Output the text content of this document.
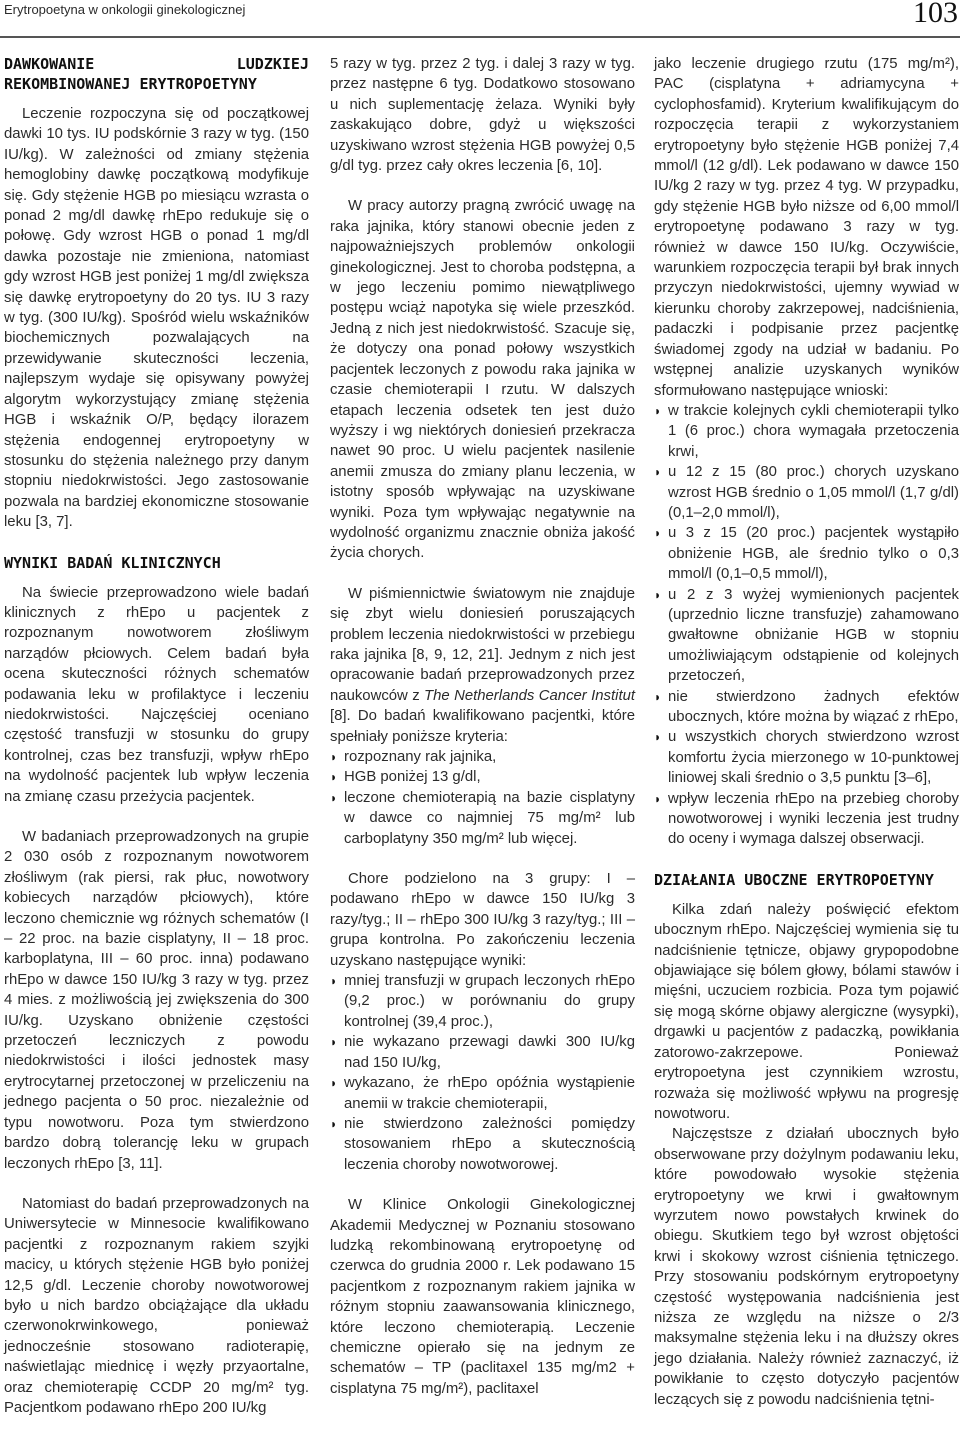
Erytropoetyna w onkologii ginekologicznej	103
DAWKOWANIE LUDZKIEJ REKOMBINOWANEJ ERYTROPOETYNY

Leczenie rozpoczyna się od początkowej dawki 10 tys. IU podskórnie 3 razy w tyg. (150 IU/kg). W zależności od zmiany stężenia hemoglobiny dawkę początkową modyfikuje się. Gdy stężenie HGB po miesiącu wzrasta o ponad 2 mg/dl dawkę rhEpo redukuje się o połowę. Gdy wzrost HGB o ponad 1 mg/dl dawka pozostaje nie zmieniona, natomiast gdy wzrost HGB jest poniżej 1 mg/dl zwiększa się dawkę erytropoetyny do 20 tys. IU 3 razy w tyg. (300 IU/kg). Spośród wielu wskaźników biochemicznych pozwalających na przewidywanie skuteczności leczenia, najlepszym wydaje się opisywany powyżej algorytm wykorzystujący zmianę stężenia HGB i wskaźnik O/P, będący ilorazem stężenia endogennej erytropoetyny w stosunku do stężenia należnego przy danym stopniu niedokrwistości. Jego zastosowanie pozwala na bardziej ekonomiczne stosowanie leku [3, 7].

WYNIKI BADAŃ KLINICZNYCH

Na świecie przeprowadzono wiele badań klinicznych z rhEpo u pacjentek z rozpoznanym nowotworem złośliwym narządów płciowych. Celem badań była ocena skuteczności różnych schematów podawania leku w profilaktyce i leczeniu niedokrwistości. Najczęściej oceniano częstość transfuzji w stosunku do grupy kontrolnej, czas bez transfuzji, wpływ rhEpo na wydolność pacjentek lub wpływ leczenia na zmianę czasu przeżycia pacjentek.

W badaniach przeprowadzonych na grupie 2 030 osób z rozpoznanym nowotworem złośliwym (rak piersi, rak płuc, nowotwory kobiecych narządów płciowych), które leczono chemicznie wg różnych schematów (I – 22 proc. na bazie cisplatyny, II – 18 proc. karboplatyna, III – 60 proc. inna) podawano rhEpo w dawce 150 IU/kg 3 razy w tyg. przez 4 mies. z możliwością jej zwiększenia do 300 IU/kg. Uzyskano obniżenie częstości przetoczeń leczniczych z powodu niedokrwistości i ilości jednostek masy erytrocytarnej przetoczonej w przeliczeniu na jednego pacjenta o 50 proc. niezależnie od typu nowotworu. Poza tym stwierdzono bardzo dobrą tolerancję leku w grupach leczonych rhEpo [3, 11].

Natomiast do badań przeprowadzonych na Uniwersytecie w Minnesocie kwalifikowano pacjentki z rozpoznanym rakiem szyjki macicy, u których stężenie HGB było poniżej 12,5 g/dl. Leczenie choroby nowotworowej było u nich bardzo obciążające dla układu czerwonokrwinkowego, ponieważ jednocześnie stosowano radioterapię, naświetlając miednicę i węzły przyaortalne, oraz chemioterapię CCDP 20 mg/m² tyg. Pacjentkom podawano rhEpo 200 IU/kg

5 razy w tyg. przez 2 tyg. i dalej 3 razy w tyg. przez następne 6 tyg. Dodatkowo stosowano u nich suplementację żelaza. Wyniki były zaskakująco dobre, gdyż u większości uzyskiwano wzrost stężenia HGB powyżej 0,5 g/dl tyg. przez cały okres leczenia [6, 10].

W pracy autorzy pragną zwrócić uwagę na raka jajnika, który stanowi obecnie jeden z najpoważniejszych problemów onkologii ginekologicznej. Jest to choroba podstępna, a w jego leczeniu pomimo niewątpliwego postępu wciąż napotyka się wiele przeszkód. Jedną z nich jest niedokrwistość. Szacuje się, że dotyczy ona ponad połowy wszystkich pacjentek leczonych z powodu raka jajnika w czasie chemioterapii I rzutu. W dalszych etapach leczenia odsetek ten jest dużo wyższy i wg niektórych doniesień przekracza nawet 90 proc. U wielu pacjentek nasilenie anemii zmusza do zmiany planu leczenia, w istotny sposób wpływając na uzyskiwane wyniki. Poza tym wpływając negatywnie na wydolność organizmu znacznie obniża jakość życia chorych.

W piśmiennictwie światowym nie znajduje się zbyt wielu doniesień poruszających problem leczenia niedokrwistości w przebiegu raka jajnika [8, 9, 12, 21]. Jednym z nich jest opracowanie badań przeprowadzonych przez naukowców z The Netherlands Cancer Institut [8]. Do badań kwalifikowano pacjentki, które spełniały poniższe kryteria:

◗ rozpoznany rak jajnika,
◗ HGB poniżej 13 g/dl,
◗ leczone chemioterapią na bazie cisplatyny w dawce co najmniej 75 mg/m² lub carboplatyny 350 mg/m² lub więcej.

Chore podzielono na 3 grupy: I – podawano rhEpo w dawce 150 IU/kg 3 razy/tyg.; II – rhEpo 300 IU/kg 3 razy/tyg.; III – grupa kontrolna. Po zakończeniu leczenia uzyskano następujące wyniki:

◗ mniej transfuzji w grupach leczonych rhEpo (9,2 proc.) w porównaniu do grupy kontrolnej (39,4 proc.),
◗ nie wykazano przewagi dawki 300 IU/kg nad 150 IU/kg,
◗ wykazano, że rhEpo opóźnia wystąpienie anemii w trakcie chemioterapii,
◗ nie stwierdzono zależności pomiędzy stosowaniem rhEpo a skutecznością leczenia choroby nowotworowej.

W Klinice Onkologii Ginekologicznej Akademii Medycznej w Poznaniu stosowano ludzką rekombinowaną erytropoetynę od czerwca do grudnia 2000 r. Lek podawano 15 pacjentkom z rozpoznanym rakiem jajnika w różnym stopniu zaawansowania klinicznego, które leczono chemioterapią. Leczenie chemiczne opierało się na jednym ze schematów – TP (paclitaxel 135 mg/m2 + cisplatyna 75 mg/m²), paclitaxel

jako leczenie drugiego rzutu (175 mg/m²), PAC (cisplatyna + adriamycyna + cyclophosfamid). Kryterium kwalifikującym do rozpoczęcia terapii z wykorzystaniem erytropoetyny było stężenie HGB poniżej 7,4 mmol/l (12 g/dl). Lek podawano w dawce 150 IU/kg 2 razy w tyg. przez 4 tyg. W przypadku, gdy stężenie HGB było niższe od 6,00 mmol/l erytropoetynę podawano 3 razy w tyg. również w dawce 150 IU/kg. Oczywiście, warunkiem rozpoczęcia terapii był brak innych przyczyn niedokrwistości, ujemny wywiad w kierunku choroby zakrzepowej, nadciśnienia, padaczki i podpisanie przez pacjentkę świadomej zgody na udział w badaniu. Po wstępnej analizie uzyskanych wyników sformułowano następujące wnioski:

◗ w trakcie kolejnych cykli chemioterapii tylko 1 (6 proc.) chora wymagała przetoczenia krwi,
◗ u 12 z 15 (80 proc.) chorych uzyskano wzrost HGB średnio o 1,05 mmol/l (1,7 g/dl) (0,1–2,0 mmol/l),
◗ u 3 z 15 (20 proc.) pacjentek wystąpiło obniżenie HGB, ale średnio tylko o 0,3 mmol/l (0,1–0,5 mmol/l),
◗ u 2 z 3 wyżej wymienionych pacjentek (uprzednio liczne transfuzje) zahamowano gwałtowne obniżanie HGB w stopniu umożliwiającym odstąpienie od kolejnych przetoczeń,
◗ nie stwierdzono żadnych efektów ubocznych, które można by wiązać z rhEpo,
◗ u wszystkich chorych stwierdzono wzrost komfortu życia mierzonego w 10-punktowej liniowej skali średnio o 3,5 punktu [3–6],
◗ wpływ leczenia rhEpo na przebieg choroby nowotworowej i wyniki leczenia jest trudny do oceny i wymaga dalszej obserwacji.
DZIAŁANIA UBOCZNE ERYTROPOETYNY

Kilka zdań należy poświęcić efektom ubocznym rhEpo. Najczęściej wymienia się tu nadciśnienie tętnicze, objawy grypopodobne objawiające się bólem głowy, bólami stawów i mięśni, uczuciem rozbicia. Poza tym pojawić się mogą skórne objawy alergiczne (wysypki), drgawki u pacjentów z padaczką, powikłania zatorowo-zakrzepowe. Ponieważ erytropoetyna jest czynnikiem wzrostu, rozważa się możliwość wpływu na progresję nowotworu.

Najczęstsze z działań ubocznych było obserwowane przy dożylnym podawaniu leku, które powodowało wysokie stężenia erytropoetyny we krwi i gwałtownym wyrzutem nowo powstałych krwinek do obiegu. Skutkiem tego był wzrost objętości krwi i skokowy wzrost ciśnienia tętniczego. Przy stosowaniu podskórnym erytropoetyny częstość występowania nadciśnienia jest niższa ze względu na niższe o 2/3 maksymalne stężenia leku i na dłuższy okres jego działania. Należy również zaznaczyć, iż powikłanie to często dotyczyło pacjentów leczących się z powodu nadciśnienia tętni-
